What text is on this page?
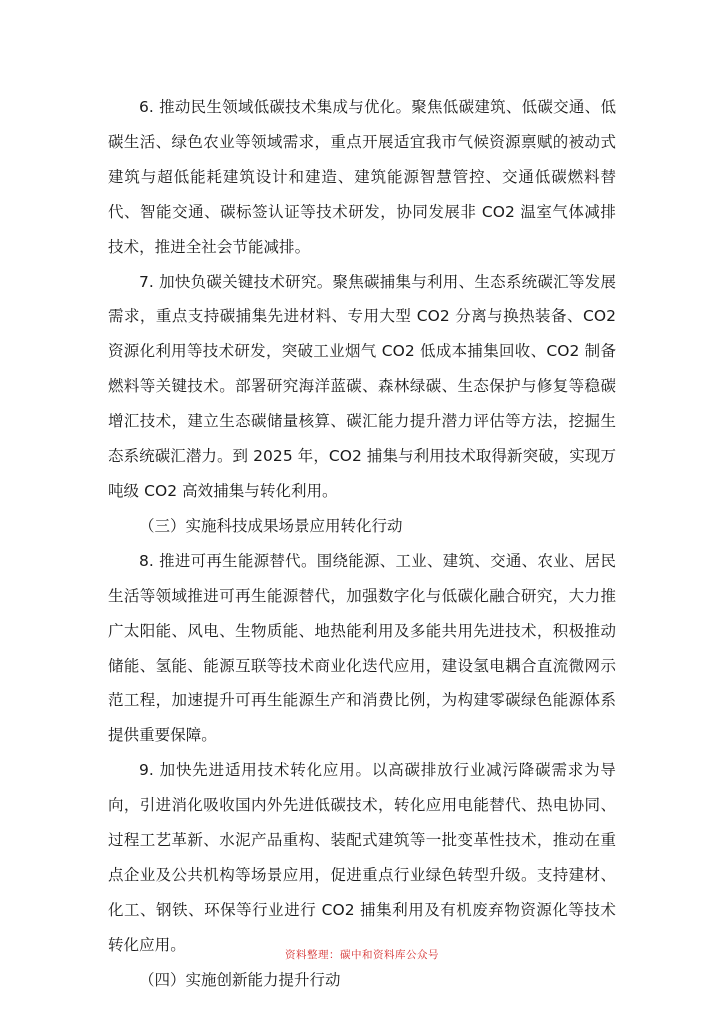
6. 推动民生领域低碳技术集成与优化。聚焦低碳建筑、低碳交通、低碳生活、绿色农业等领域需求，重点开展适宜我市气候资源禀赋的被动式建筑与超低能耗建筑设计和建造、建筑能源智慧管控、交通低碳燃料替代、智能交通、碳标签认证等技术研发，协同发展非 CO2 温室气体减排技术，推进全社会节能减排。

7. 加快负碳关键技术研究。聚焦碳捕集与利用、生态系统碳汇等发展需求，重点支持碳捕集先进材料、专用大型 CO2 分离与换热装备、CO2 资源化利用等技术研发，突破工业烟气 CO2 低成本捕集回收、CO2 制备燃料等关键技术。部署研究海洋蓝碳、森林绿碳、生态保护与修复等稳碳增汇技术，建立生态碳储量核算、碳汇能力提升潜力评估等方法，挖掘生态系统碳汇潜力。到 2025 年，CO2 捕集与利用技术取得新突破，实现万吨级 CO2 高效捕集与转化利用。

（三）实施科技成果场景应用转化行动

8. 推进可再生能源替代。围绕能源、工业、建筑、交通、农业、居民生活等领域推进可再生能源替代，加强数字化与低碳化融合研究，大力推广太阳能、风电、生物质能、地热能利用及多能共用先进技术，积极推动储能、氢能、能源互联等技术商业化迭代应用，建设氢电耦合直流微网示范工程，加速提升可再生能源生产和消费比例，为构建零碳绿色能源体系提供重要保障。

9. 加快先进适用技术转化应用。以高碳排放行业减污降碳需求为导向，引进消化吸收国内外先进低碳技术，转化应用电能替代、热电协同、过程工艺革新、水泥产品重构、装配式建筑等一批变革性技术，推动在重点企业及公共机构等场景应用，促进重点行业绿色转型升级。支持建材、化工、钢铁、环保等行业进行 CO2 捕集利用及有机废弃物资源化等技术转化应用。

（四）实施创新能力提升行动

资料整理：碳中和资料库公众号
